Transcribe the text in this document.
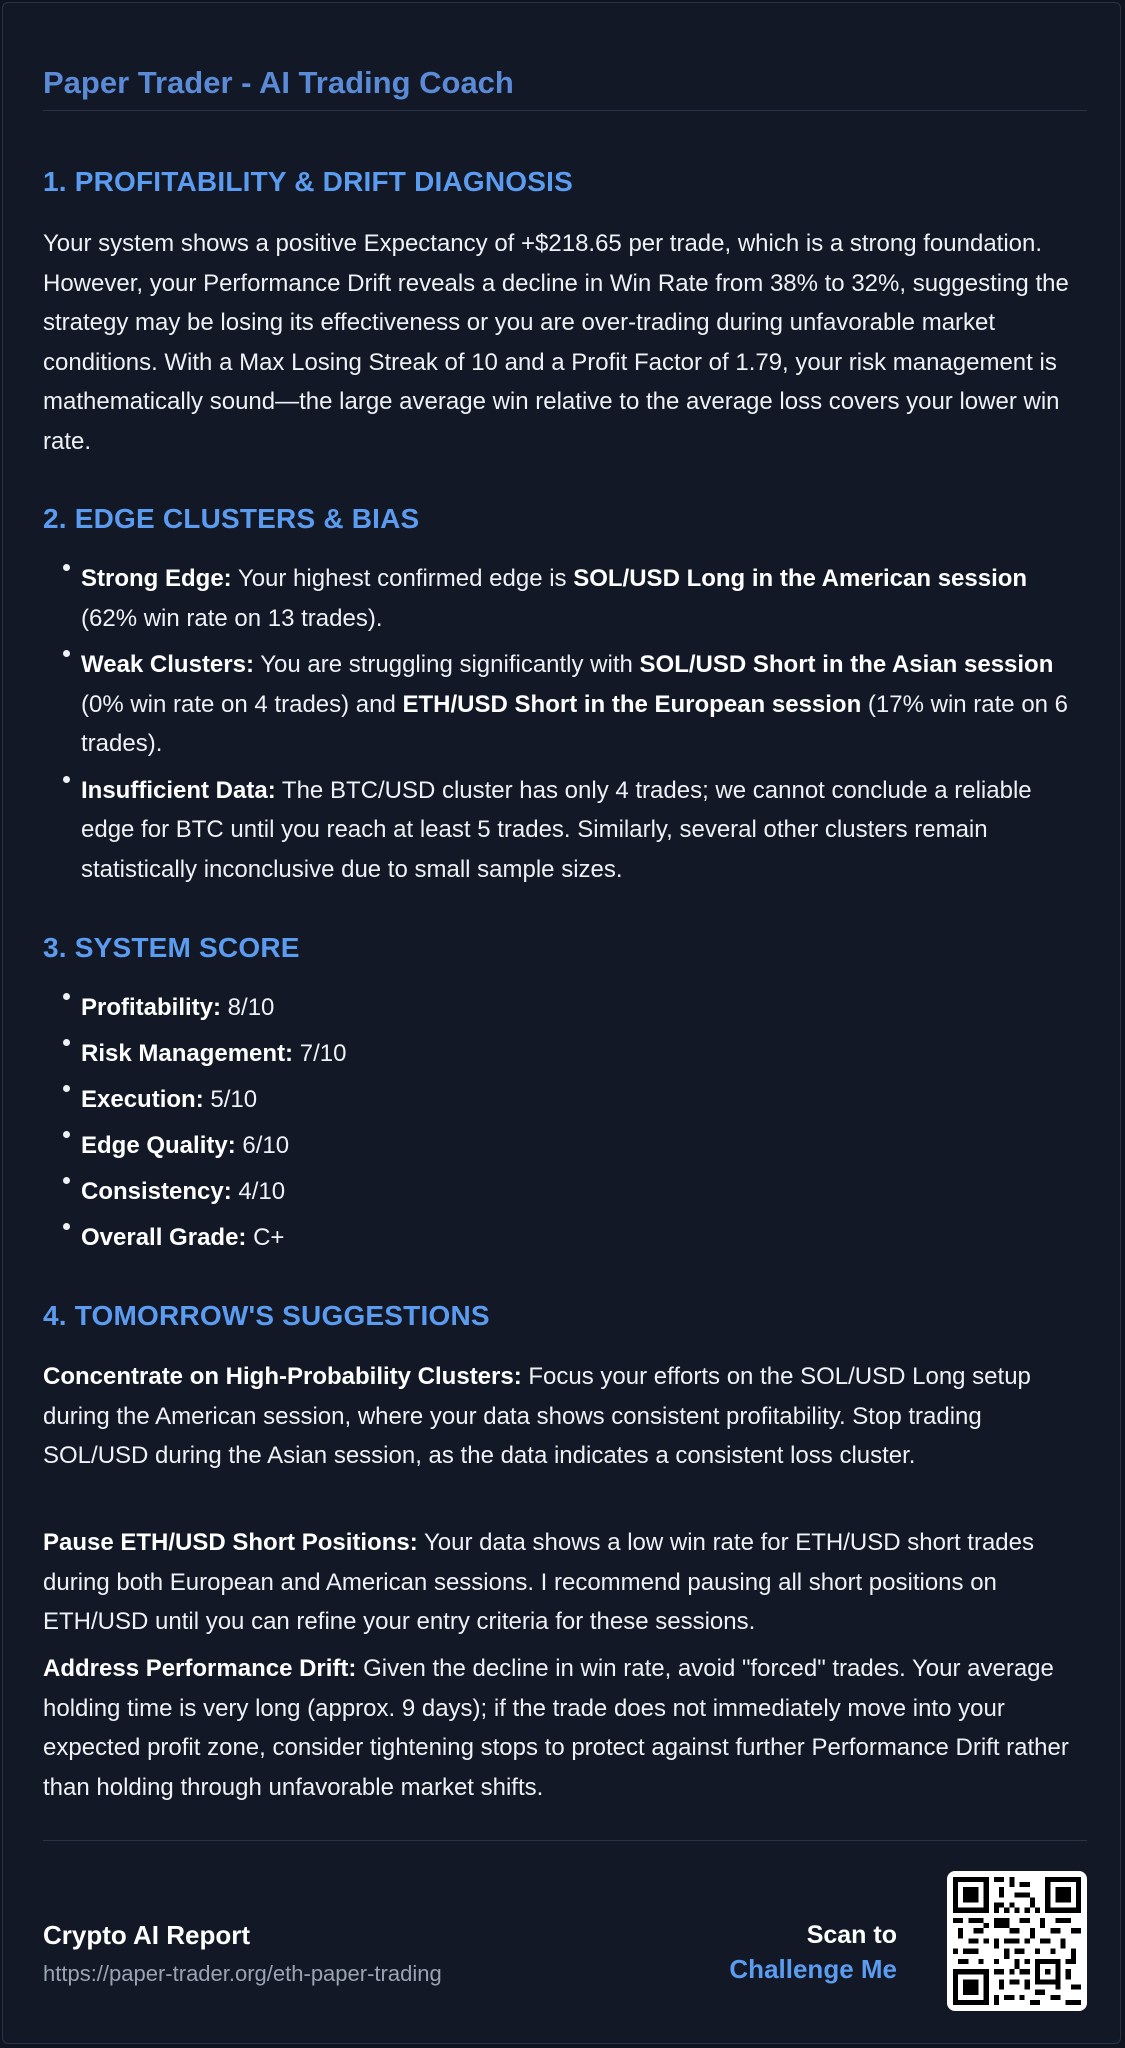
Paper Trader - AI Trading Coach
1. PROFITABILITY & DRIFT DIAGNOSIS
Your system shows a positive Expectancy of +$218.65 per trade, which is a strong foundation. However, your Performance Drift reveals a decline in Win Rate from 38% to 32%, suggesting the strategy may be losing its effectiveness or you are over-trading during unfavorable market conditions. With a Max Losing Streak of 10 and a Profit Factor of 1.79, your risk management is mathematically sound—the large average win relative to the average loss covers your lower win rate.
2. EDGE CLUSTERS & BIAS
Strong Edge: Your highest confirmed edge is SOL/USD Long in the American session (62% win rate on 13 trades).
Weak Clusters: You are struggling significantly with SOL/USD Short in the Asian session (0% win rate on 4 trades) and ETH/USD Short in the European session (17% win rate on 6 trades).
Insufficient Data: The BTC/USD cluster has only 4 trades; we cannot conclude a reliable edge for BTC until you reach at least 5 trades. Similarly, several other clusters remain statistically inconclusive due to small sample sizes.
3. SYSTEM SCORE
Profitability: 8/10
Risk Management: 7/10
Execution: 5/10
Edge Quality: 6/10
Consistency: 4/10
Overall Grade: C+
4. TOMORROW'S SUGGESTIONS
Concentrate on High-Probability Clusters: Focus your efforts on the SOL/USD Long setup during the American session, where your data shows consistent profitability. Stop trading SOL/USD during the Asian session, as the data indicates a consistent loss cluster.
Pause ETH/USD Short Positions: Your data shows a low win rate for ETH/USD short trades during both European and American sessions. I recommend pausing all short positions on ETH/USD until you can refine your entry criteria for these sessions.
Address Performance Drift: Given the decline in win rate, avoid "forced" trades. Your average holding time is very long (approx. 9 days); if the trade does not immediately move into your expected profit zone, consider tightening stops to protect against further Performance Drift rather than holding through unfavorable market shifts.
Crypto AI Report
https://paper-trader.org/eth-paper-trading
Scan to
Challenge Me
